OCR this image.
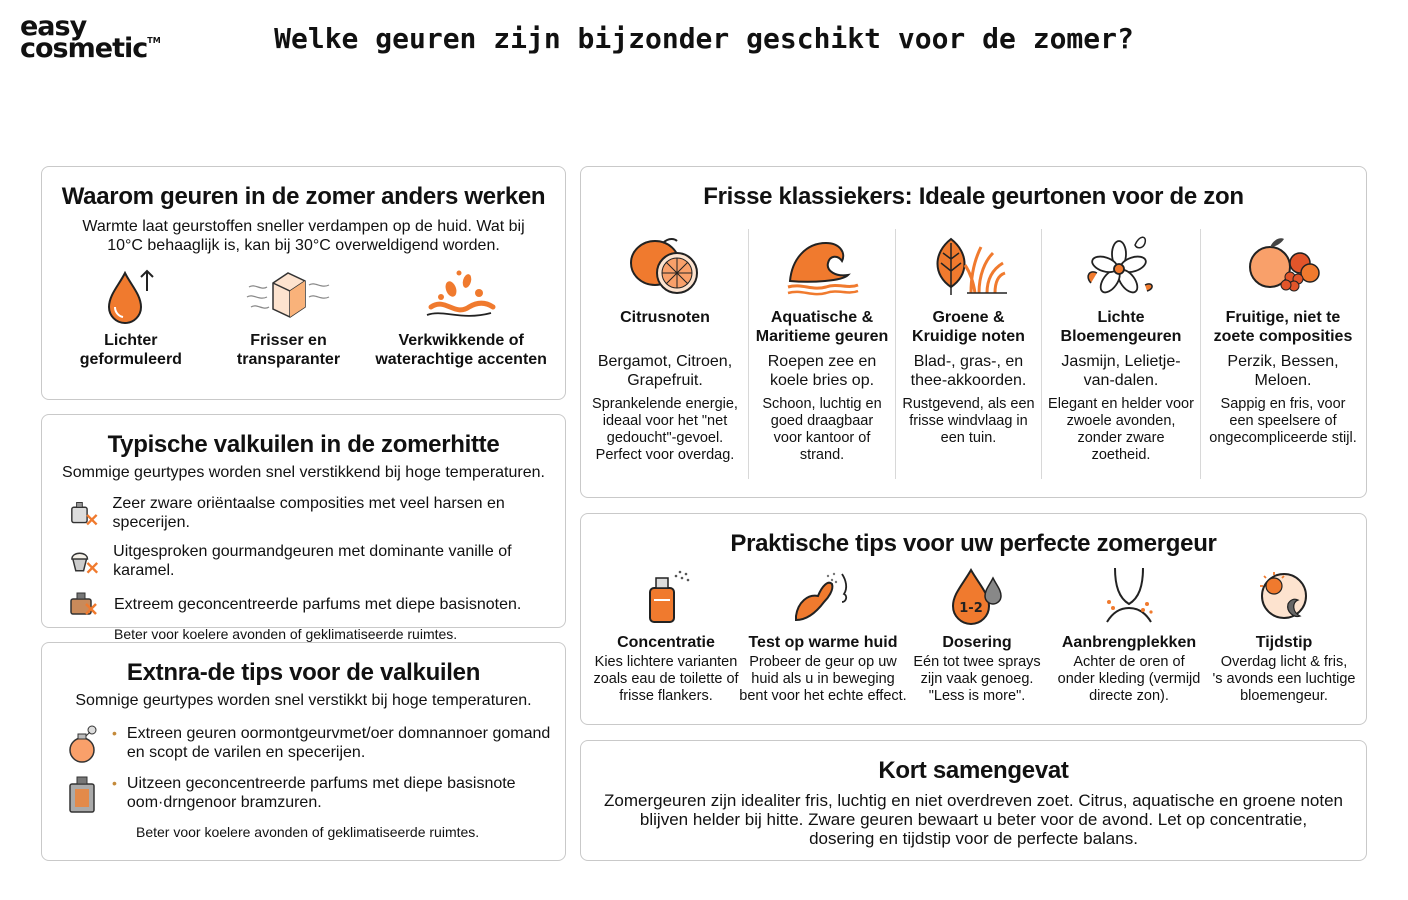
easy
cosmetic™	Welke geuren zijn bijzonder geschikt voor de zomer?
Waarom geuren in de zomer anders werken
Warmte laat geurstoffen sneller verdampen op de huid. Wat bij
10°C behaaglijk is, kan bij 30°C overweldigend worden.
Lichter
geformuleerd
Frisser en
transparanter
Verkwikkende of
waterachtige accenten
Typische valkuilen in de zomerhitte
Sommige geurtypes worden snel verstikkend bij hoge temperaturen.
Zeer zware oriëntaalse composities met veel harsen en specerijen.
Uitgesproken gourmandgeuren met dominante vanille of karamel.
Extreem geconcentreerde parfums met diepe basisnoten.
Beter voor koelere avonden of geklimatiseerde ruimtes.
Extnra-de tips voor de valkuilen
Somnige geurtypes worden snel verstikkt bij hoge temperaturen.
• Extreen geuren oormontgeurvmet/oer domnannoer gomand
en scopt de varilen en specerijen.
• Uitzeen geconcentreerde parfums met diepe basisnote
oom·drngenoor bramzuren.
Beter voor koelere avonden of geklimatiseerde ruimtes.
Frisse klassiekers: Ideale geurtonen voor de zon
Citrusnoten
Bergamot, Citroen,
Grapefruit.
Sprankelende energie,
ideaal voor het "net
gedoucht"-gevoel.
Perfect voor overdag.
Aquatische &
Maritieme geuren
Roepen zee en
koele bries op.
Schoon, luchtig en
goed draagbaar
voor kantoor of
strand.
Groene &
Kruidige noten
Blad-, gras-, en
thee-akkoorden.
Rustgevend, als een
frisse windvlaag in
een tuin.
Lichte
Bloemengeuren
Jasmijn, Lelietje-
van-dalen.
Elegant en helder voor
zwoele avonden,
zonder zware
zoetheid.
Fruitige, niet te
zoete composities
Perzik, Bessen,
Meloen.
Sappig en fris, voor
een speelsere of
ongecompliceerde stijl.
Praktische tips voor uw perfecte zomergeur
Concentratie
Kies lichtere varianten
zoals eau de toilette of
frisse flankers.
Test op warme huid
Probeer de geur op uw
huid als u in beweging
bent voor het echte effect.
1-2
Dosering
Eén tot twee sprays
zijn vaak genoeg.
"Less is more".
Aanbrengplekken
Achter de oren of
onder kleding (vermijd
directe zon).
Tijdstip
Overdag licht & fris,
's avonds een luchtige
bloemengeur.
Kort samengevat
Zomergeuren zijn idealiter fris, luchtig en niet overdreven zoet. Citrus, aquatische en groene noten
blijven helder bij hitte. Zware geuren bewaart u beter voor de avond. Let op concentratie,
dosering en tijdstip voor de perfecte balans.
